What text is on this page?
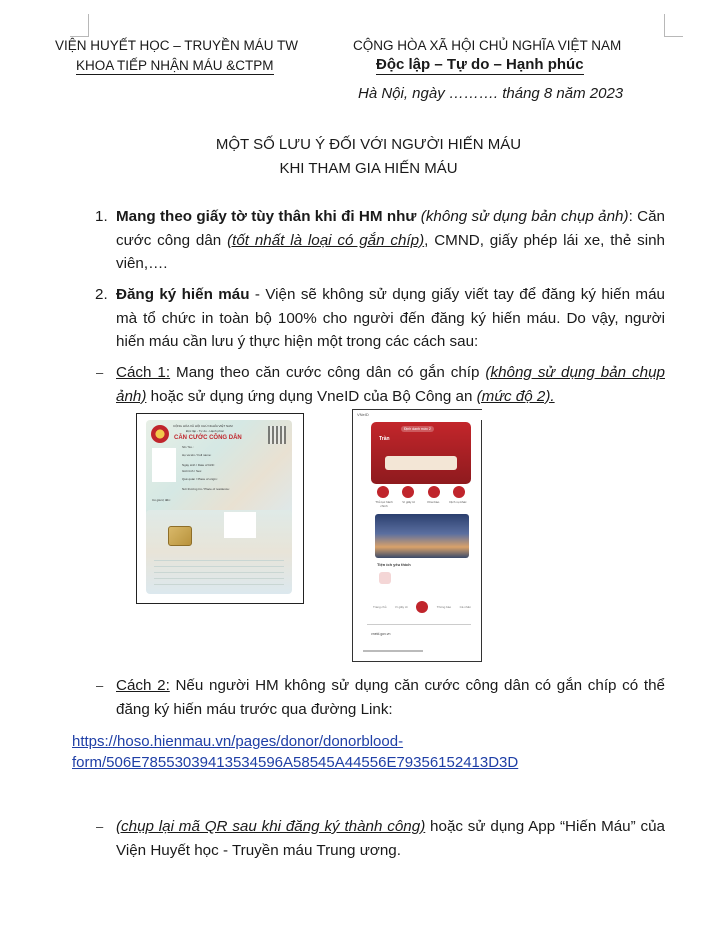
VIỆN HUYẾT HỌC – TRUYỀN MÁU TW
KHOA TIẾP NHẬN MÁU &CTPM
CỘNG HÒA XÃ HỘI CHỦ NGHĨA VIỆT NAM
Độc lập – Tự do – Hạnh phúc
Hà Nội, ngày ………. tháng 8 năm 2023
MỘT SỐ LƯU Ý ĐỐI VỚI NGƯỜI HIẾN MÁU
KHI THAM GIA HIẾN MÁU
1. Mang theo giấy tờ tùy thân khi đi HM như (không sử dụng bản chụp ảnh): Căn cước công dân (tốt nhất là loại có gắn chíp), CMND, giấy phép lái xe, thẻ sinh viên,….
2. Đăng ký hiến máu - Viện sẽ không sử dụng giấy viết tay để đăng ký hiến máu mà tổ chức in toàn bộ 100% cho người đến đăng ký hiến máu. Do vậy, người hiến máu cần lưu ý thực hiện một trong các cách sau:
– Cách 1: Mang theo căn cước công dân có gắn chíp (không sử dụng bản chụp ảnh) hoặc sử dụng ứng dụng VneID của Bộ Công an (mức độ 2).
CỘNG HÒA XÃ HỘI CHỦ NGHĨA VIỆT NAM
Độc lập - Tự do - Hạnh phúc
CĂN CƯỚC CÔNG DÂN
Số / No.:
Họ và tên / Full name:
Ngày sinh / Date of birth:
Giới tính / Sex:
Quê quán / Place of origin:
Nơi thường trú / Place of residence:
Có giá trị đến:
VNeID
Trần
Định danh mức 2
Thủ tục hành chính
Ví giấy tờ	Khai báo	Dịch vụ khác
Tiện ích yêu thích
Trang chủ	Ví giấy tờ	Thông báo	Cá nhân
vneid.gov.vn
– Cách 2: Nếu người HM không sử dụng căn cước công dân có gắn chíp có thể đăng ký hiến máu trước qua đường Link:
https://hoso.hienmau.vn/pages/donor/donorblood-
form/506E78553039413534596A58545A44556E79356152413D3D
– (chụp lại mã QR sau khi đăng ký thành công) hoặc sử dụng App “Hiến Máu” của Viện Huyết học - Truyền máu Trung ương.
